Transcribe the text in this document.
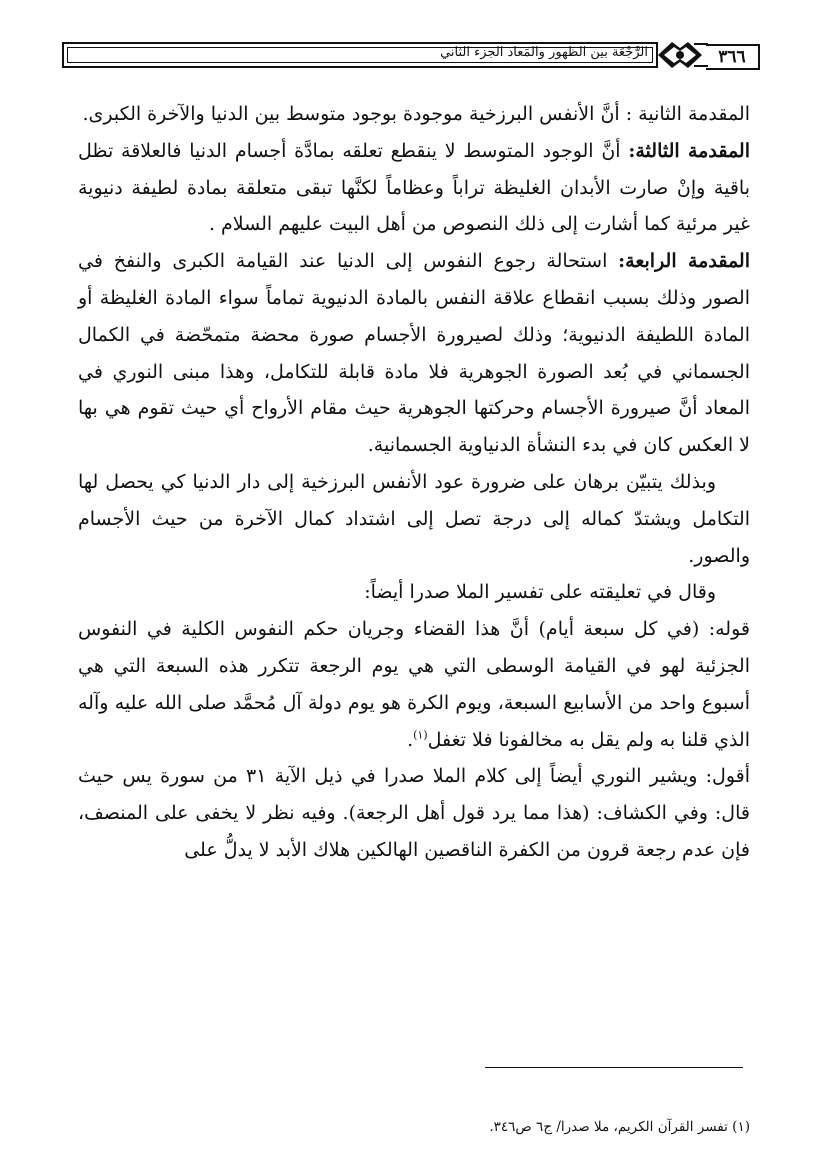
الرَّجْعَة بين الظهور والمَعاد الجزء الثاني	٣٦٦

المقدمة الثانية : أنَّ الأنفس البرزخية موجودة بوجود متوسط بين الدنيا والآخرة الكبرى.

المقدمة الثالثة: أنَّ الوجود المتوسط لا ينقطع تعلقه بمادَّة أجسام الدنيا فالعلاقة تظل باقية وإنْ صارت الأبدان الغليظة تراباً وعظاماً لكنَّها تبقى متعلقة بمادة لطيفة دنيوية غير مرئية كما أشارت إلى ذلك النصوص من أهل البيت عليهم السلام .

المقدمة الرابعة: استحالة رجوع النفوس إلى الدنيا عند القيامة الكبرى والنفخ في الصور وذلك بسبب انقطاع علاقة النفس بالمادة الدنيوية تماماً سواء المادة الغليظة أو المادة اللطيفة الدنيوية؛ وذلك لصيرورة الأجسام صورة محضة متمحّضة في الكمال الجسماني في بُعد الصورة الجوهرية فلا مادة قابلة للتكامل، وهذا مبنى النوري في المعاد أنَّ صيرورة الأجسام وحركتها الجوهرية حيث مقام الأرواح أي حيث تقوم هي بها لا العكس كان في بدء النشأة الدنياوية الجسمانية.

وبذلك يتبيّن برهان على ضرورة عود الأنفس البرزخية إلى دار الدنيا كي يحصل لها التكامل ويشتدّ كماله إلى درجة تصل إلى اشتداد كمال الآخرة من حيث الأجسام والصور.

وقال في تعليقته على تفسير الملا صدرا أيضاً:

قوله: (في كل سبعة أيام) أنَّ هذا القضاء وجريان حكم النفوس الكلية في النفوس الجزئية لهو في القيامة الوسطى التي هي يوم الرجعة تتكرر هذه السبعة التي هي أسبوع واحد من الأسابيع السبعة، ويوم الكرة هو يوم دولة آل مُحمَّد صلى الله عليه وآله الذي قلنا به ولم يقل به مخالفونا فلا تغفل$^{(١)}$.

أقول: ويشير النوري أيضاً إلى كلام الملا صدرا في ذيل الآية ٣١ من سورة يس حيث قال: وفي الكشاف: (هذا مما يرد قول أهل الرجعة). وفيه نظر لا يخفى على المنصف، فإن عدم رجعة قرون من الكفرة الناقصين الهالكين هلاك الأبد لا يدلُّ على

(١) تفسر القرآن الكريم، ملا صدرا/ ج٦ ص٣٤٦.
